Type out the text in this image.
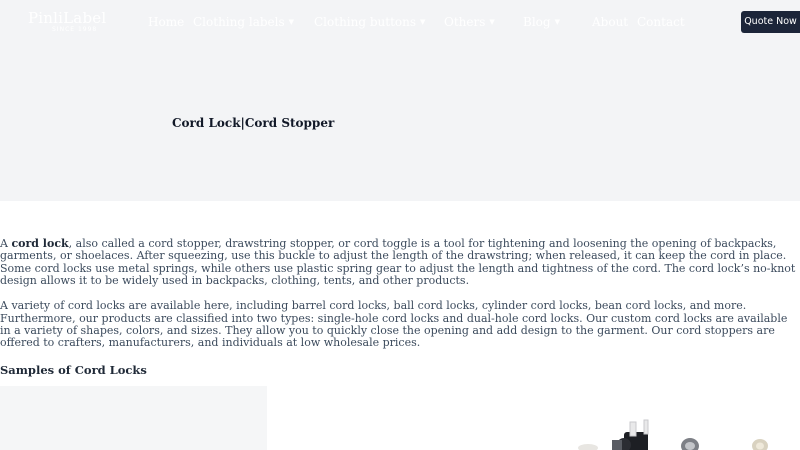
PinliLabel
SINCE 1998
Home Clothing labels ▼ Clothing buttons ▼ Others ▼ Blog ▼	About Contact	Quote Now
Cord Lock|Cord Stopper

A cord lock, also called a cord stopper, drawstring stopper, or cord toggle is a tool for tightening and loosening the opening of backpacks, garments, or shoelaces. After squeezing, use this buckle to adjust the length of the drawstring; when released, it can keep the cord in place. Some cord locks use metal springs, while others use plastic spring gear to adjust the length and tightness of the cord. The cord lock’s no-knot design allows it to be widely used in backpacks, clothing, tents, and other products.

A variety of cord locks are available here, including barrel cord locks, ball cord locks, cylinder cord locks, bean cord locks, and more. Furthermore, our products are classified into two types: single-hole cord locks and dual-hole cord locks. Our custom cord locks are available in a variety of shapes, colors, and sizes. They allow you to quickly close the opening and add design to the garment. Our cord stoppers are offered to crafters, manufacturers, and individuals at low wholesale prices.

Samples of Cord Locks
